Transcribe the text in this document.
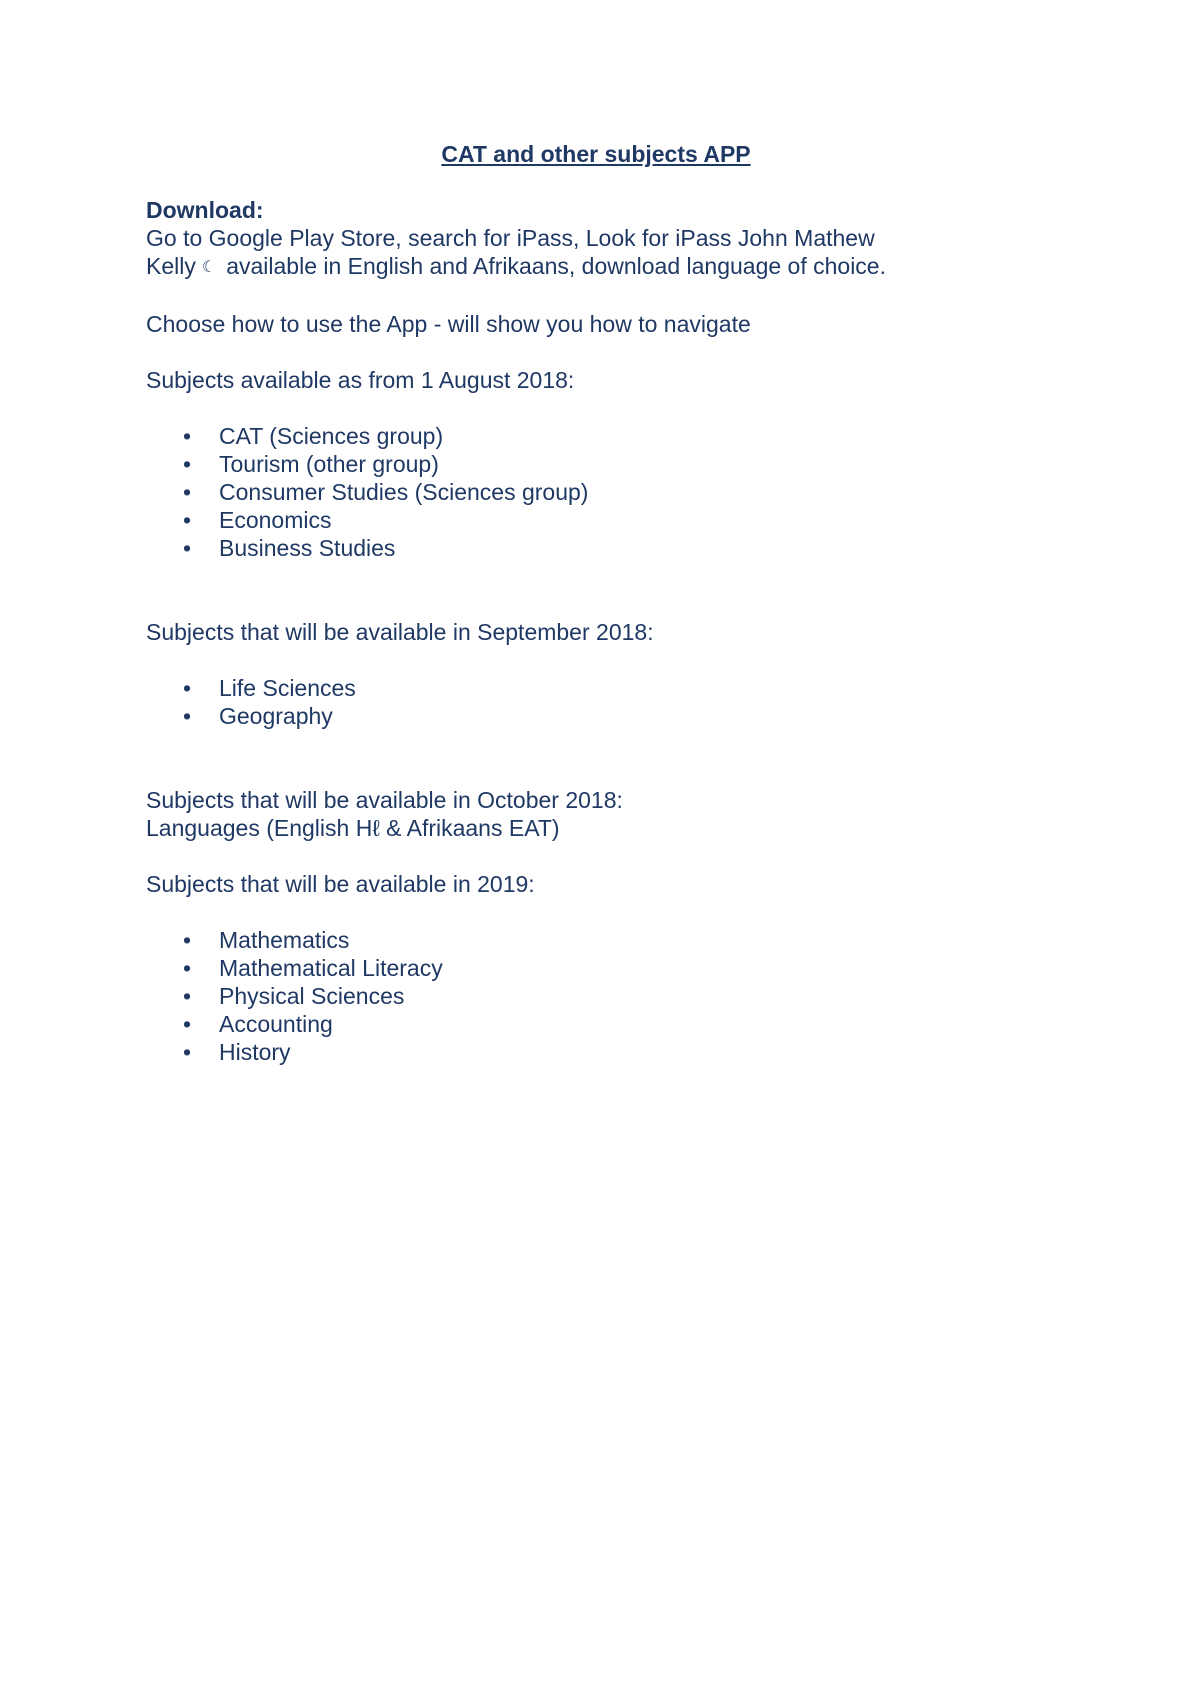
CAT and other subjects APP

Download:

Go to Google Play Store, search for iPass, Look for iPass John Mathew

Kelly ☾ available in English and Afrikaans, download language of choice.

Choose how to use the App - will show you how to navigate

Subjects available as from 1 August 2018:

• CAT (Sciences group)
• Tourism (other group)
• Consumer Studies (Sciences group)
• Economics
• Business Studies

Subjects that will be available in September 2018:

• Life Sciences
• Geography

Subjects that will be available in October 2018:

Languages (English Hℓ & Afrikaans EAT)

Subjects that will be available in 2019:

• Mathematics
• Mathematical Literacy
• Physical Sciences
• Accounting
• History
